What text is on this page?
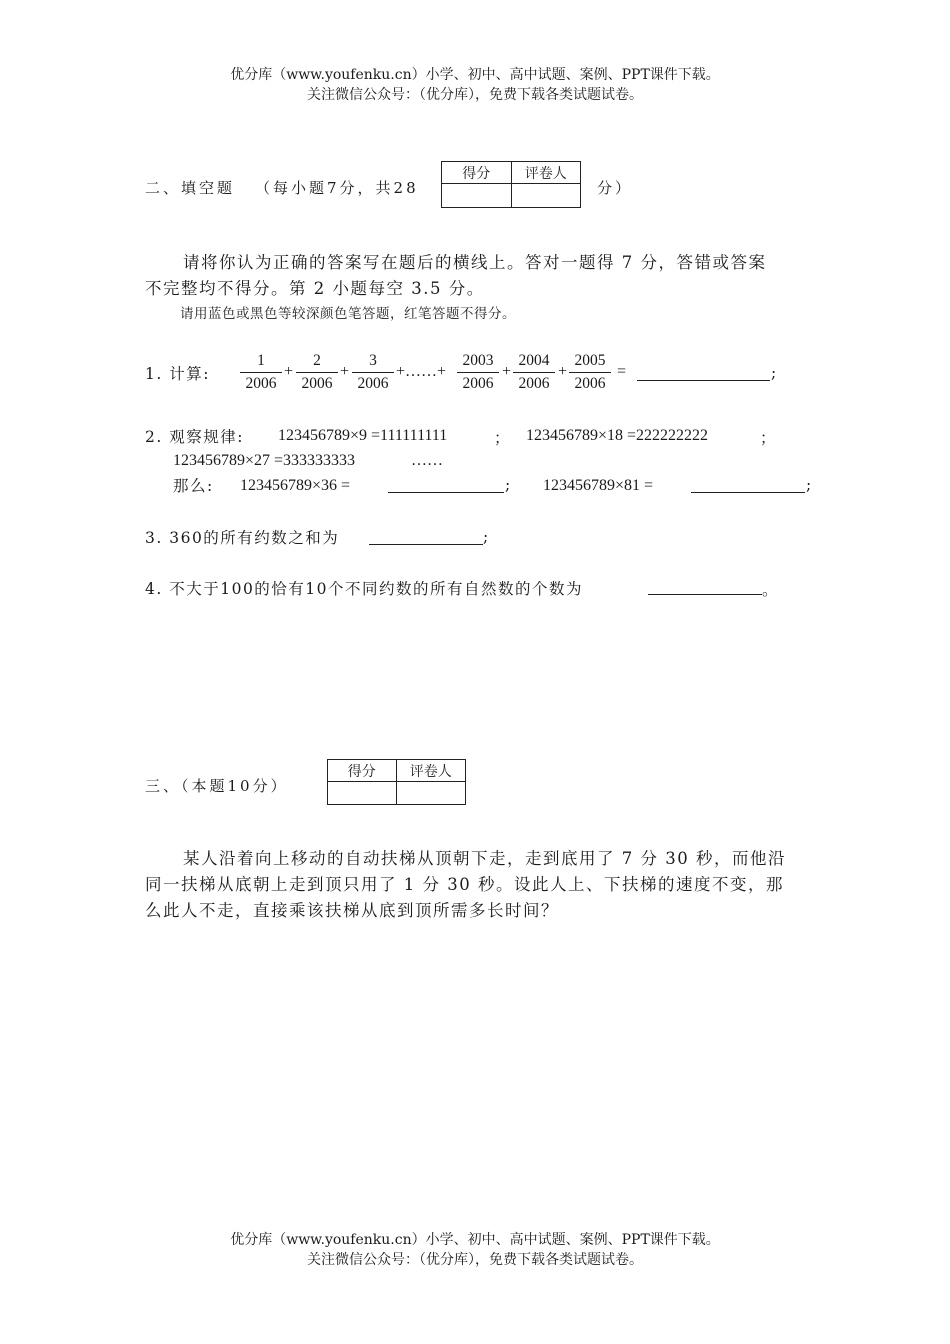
优分库（www.youfenku.cn）小学、初中、高中试题、案例、PPT课件下载。
关注微信公众号：（优分库），免费下载各类试题试卷。
二、填空题 （每小题7分，共28
得分	评卷人

分）
请将你认为正确的答案写在题后的横线上。答对一题得 7 分，答错或答案
不完整均不得分。第 2 小题每空 3.5 分。
请用蓝色或黑色等较深颜色笔答题，红笔答题不得分。
1. 计算:
1
2006
+
2
2006
+
3
2006
+……+
2003
2006
+
2004
2006
+
2005
2006
=	;
2. 观察规律: 123456789×9 =111111111	； 123456789×18 =222222222	；
123456789×27 =333333333	……
那么: 123456789×36 =	; 123456789×81 =	;
3. 360的所有约数之和为	;
4. 不大于100的恰有10个不同约数的所有自然数的个数为	。
三、（本题10分）
得分	评卷人

某人沿着向上移动的自动扶梯从顶朝下走，走到底用了 7 分 30 秒，而他沿
同一扶梯从底朝上走到顶只用了 1 分 30 秒。设此人上、下扶梯的速度不变，那
么此人不走，直接乘该扶梯从底到顶所需多长时间？
优分库（www.youfenku.cn）小学、初中、高中试题、案例、PPT课件下载。
关注微信公众号：（优分库），免费下载各类试题试卷。
